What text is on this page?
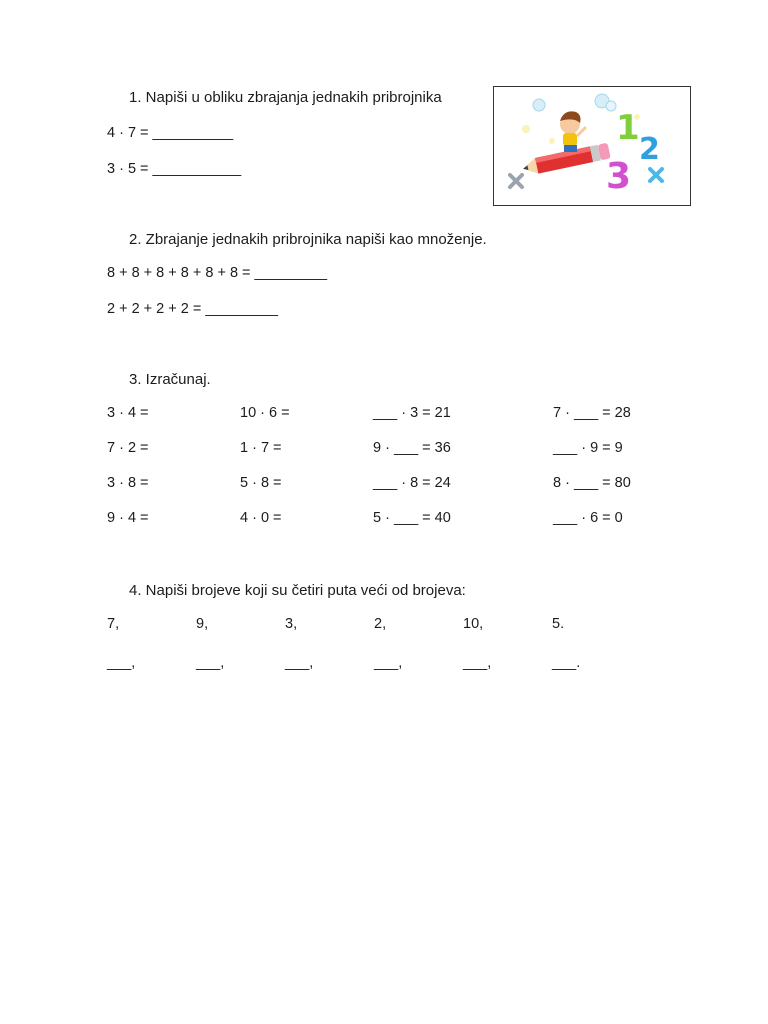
1. Napiši u obliku zbrajanja jednakih pribrojnika
4 · 7 = __________
3 · 5 = ___________
1
2
3
2. Zbrajanje jednakih pribrojnika napiši kao množenje.
8 + 8 + 8 + 8 + 8 + 8 = _________
2 + 2 + 2 + 2 = _________
3. Izračunaj.
3 · 4 =	10 · 6 =	___ · 3 = 21	7 · ___ = 28
7 · 2 =	1 · 7 =	9 · ___ = 36	___ · 9 = 9
3 · 8 =	5 · 8 =	___ · 8 = 24	8 · ___ = 80
9 · 4 =	4 · 0 =	5 · ___ = 40	___ · 6 = 0
4. Napiši brojeve koji su četiri puta veći od brojeva:
7,	9,	3,	2,	10,	5.
___,	___,	___,	___,	___,	___.
